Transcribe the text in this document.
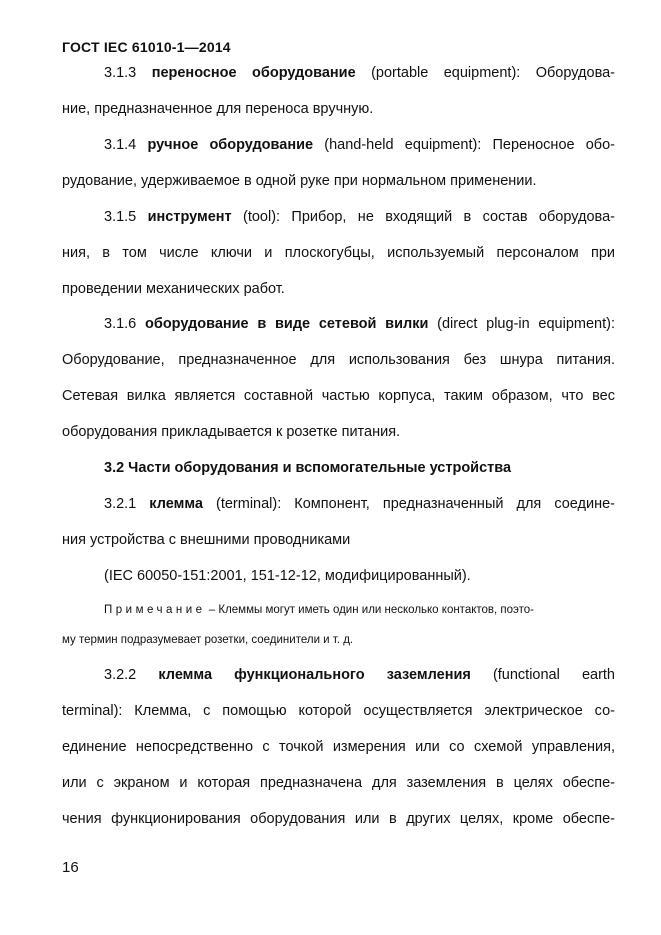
ГОСТ IEC 61010-1—2014
3.1.3 переносное оборудование (portable equipment): Оборудова-
ние, предназначенное для переноса вручную.
3.1.4 ручное оборудование (hand-held equipment): Переносное обо-
рудование, удерживаемое в одной руке при нормальном применении.
3.1.5 инструмент (tool): Прибор, не входящий в состав оборудова-
ния, в том числе ключи и плоскогубцы, используемый персоналом при
проведении механических работ.
3.1.6 оборудование в виде сетевой вилки (direct plug-in equipment):
Оборудование, предназначенное для использования без шнура питания.
Сетевая вилка является составной частью корпуса, таким образом, что вес
оборудования прикладывается к розетке питания.
3.2 Части оборудования и вспомогательные устройства
3.2.1 клемма (terminal): Компонент, предназначенный для соедине-
ния устройства с внешними проводниками
(IEC 60050-151:2001, 151-12-12, модифицированный).
Примечание – Клеммы могут иметь один или несколько контактов, поэто-
му термин подразумевает розетки, соединители и т. д.
3.2.2 клемма функционального заземления (functional earth
terminal): Клемма, с помощью которой осуществляется электрическое со-
единение непосредственно с точкой измерения или со схемой управления,
или с экраном и которая предназначена для заземления в целях обеспе-
чения функционирования оборудования или в других целях, кроме обеспе-
16
